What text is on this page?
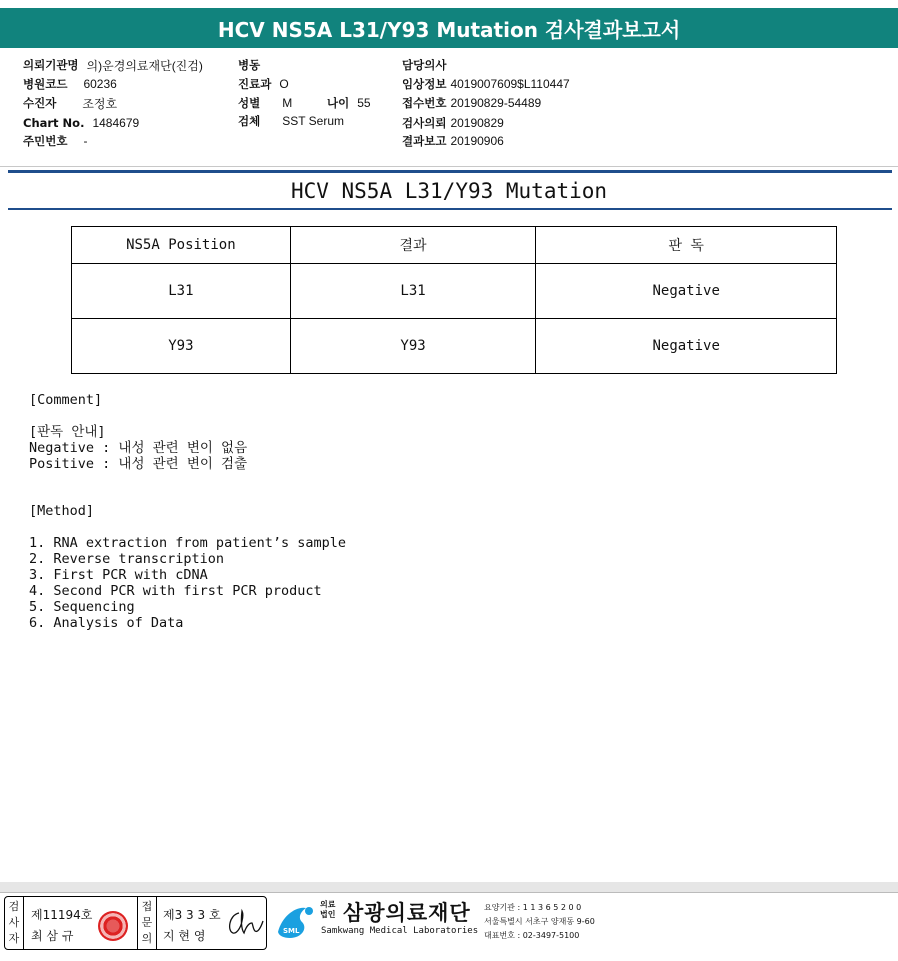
HCV NS5A L31/Y93 Mutation 검사결과보고서
의뢰기관명 의)운경의료재단(진검)
병원코드 60236
수진자 조정호
Chart No. 1484679
주민번호 -
병동
진료과 O
성별 M	나이 55
검체 SST Serum
담당의사
임상정보 4019007609$L110447
접수번호 20190829-54489
검사의뢰 20190829
결과보고 20190906
HCV NS5A L31/Y93 Mutation
NS5A Position	결과	판 독
L31	L31	Negative
Y93	Y93	Negative
[Comment]
[판독 안내]
Negative : 내성 관련 변이 없음
Positive : 내성 관련 변이 검출
[Method]
1. RNA extraction from patient’s sample
2. Reverse transcription
3. First PCR with cDNA
4. Second PCR with first PCR product
5. Sequencing
6. Analysis of Data
검
사
자
제11194호
최 삼 규
접
문
의
제3 3 3 호
지 현 영	SML
의료
법인 삼광의료재단
Samkwang Medical Laboratories
요양기관 : 1 1 3 6 5 2 0 0
서울특별시 서초구 양재동 9-60
대표번호 : 02-3497-5100
